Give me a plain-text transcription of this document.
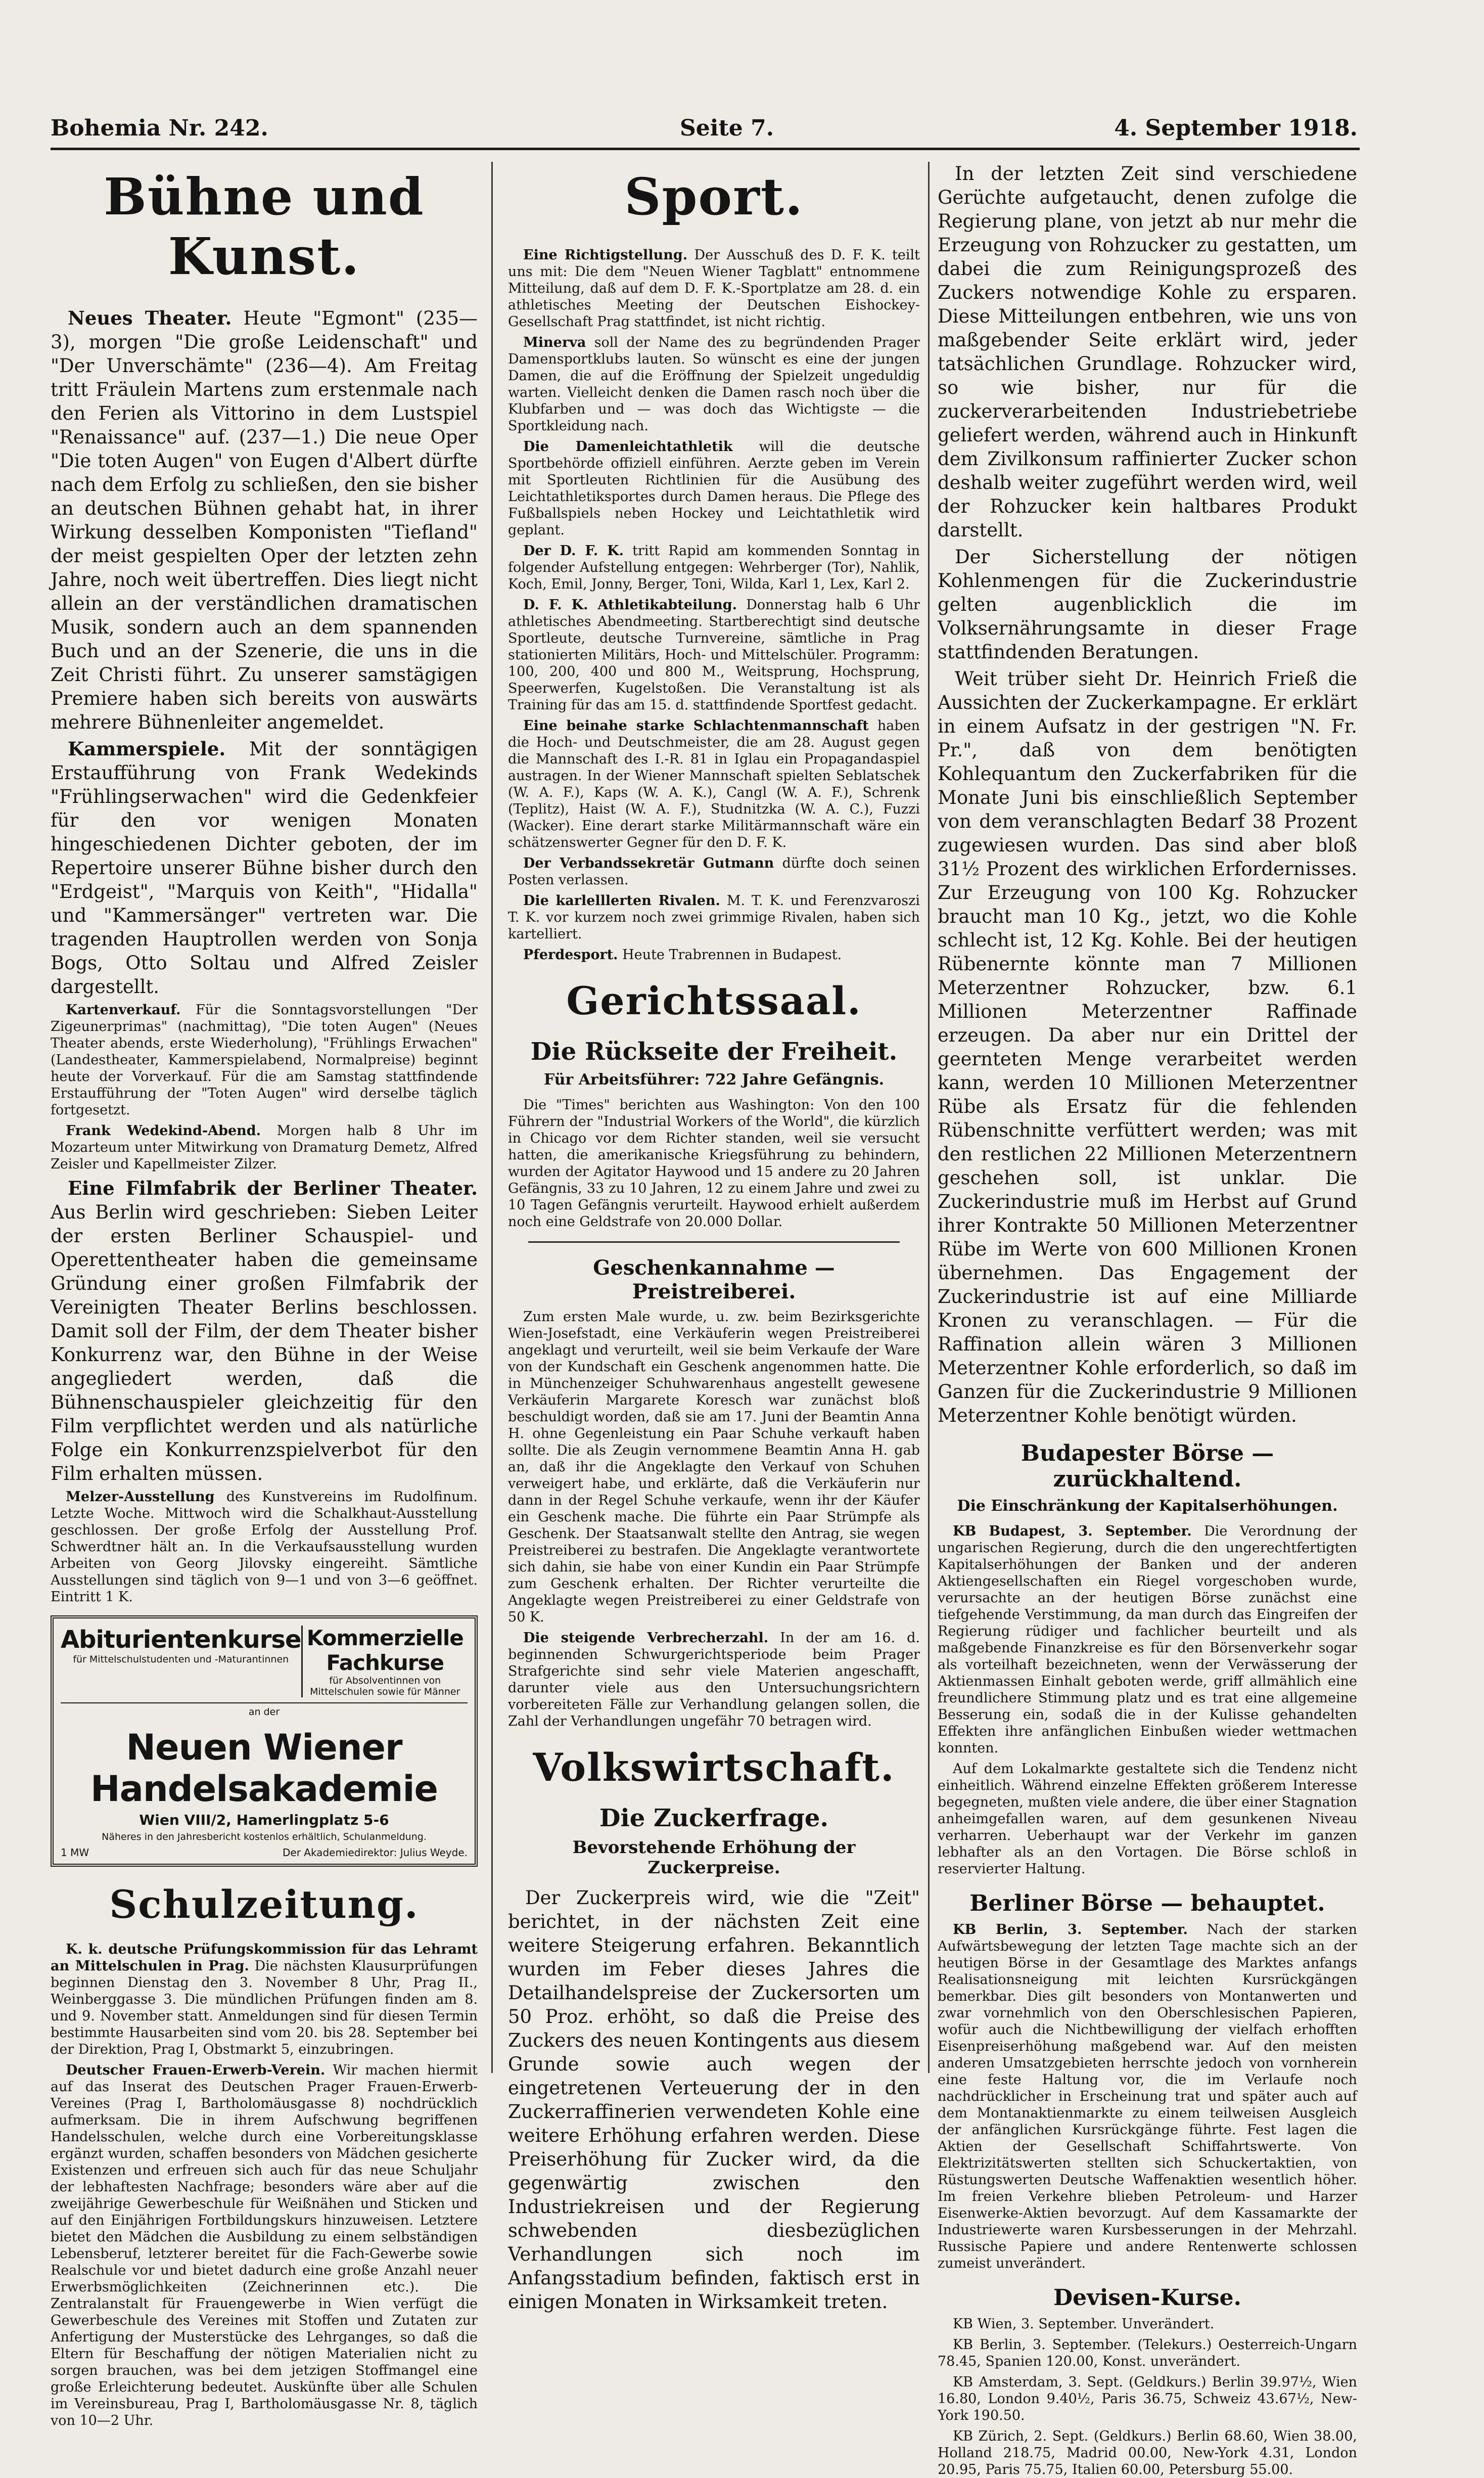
Bohemia Nr. 242.	Seite 7.	4. September 1918.
Bühne und Kunst.

Neues Theater. Heute "Egmont" (235—3), morgen "Die große Leidenschaft" und "Der Unverschämte" (236—4). Am Freitag tritt Fräulein Martens zum erstenmale nach den Ferien als Vittorino in dem Lustspiel "Renaissance" auf. (237—1.) Die neue Oper "Die toten Augen" von Eugen d'Albert dürfte nach dem Erfolg zu schließen, den sie bisher an deutschen Bühnen gehabt hat, in ihrer Wirkung desselben Komponisten "Tiefland" der meist gespielten Oper der letzten zehn Jahre, noch weit übertreffen. Dies liegt nicht allein an der verständlichen dramatischen Musik, sondern auch an dem spannenden Buch und an der Szenerie, die uns in die Zeit Christi führt. Zu unserer samstägigen Premiere haben sich bereits von auswärts mehrere Bühnenleiter angemeldet.

Kammerspiele. Mit der sonntägigen Erstaufführung von Frank Wedekinds "Frühlingserwachen" wird die Gedenkfeier für den vor wenigen Monaten hingeschiedenen Dichter geboten, der im Repertoire unserer Bühne bisher durch den "Erdgeist", "Marquis von Keith", "Hidalla" und "Kammersänger" vertreten war. Die tragenden Hauptrollen werden von Sonja Bogs, Otto Soltau und Alfred Zeisler dargestellt.

Kartenverkauf. Für die Sonntagsvorstellungen "Der Zigeunerprimas" (nachmittag), "Die toten Augen" (Neues Theater abends, erste Wiederholung), "Frühlings Erwachen" (Landestheater, Kammerspielabend, Normalpreise) beginnt heute der Vorverkauf. Für die am Samstag stattfindende Erstaufführung der "Toten Augen" wird derselbe täglich fortgesetzt.

Frank Wedekind-Abend. Morgen halb 8 Uhr im Mozarteum unter Mitwirkung von Dramaturg Demetz, Alfred Zeisler und Kapellmeister Zilzer.

Eine Filmfabrik der Berliner Theater. Aus Berlin wird geschrieben: Sieben Leiter der ersten Berliner Schauspiel- und Operettentheater haben die gemeinsame Gründung einer großen Filmfabrik der Vereinigten Theater Berlins beschlossen. Damit soll der Film, der dem Theater bisher Konkurrenz war, den Bühne in der Weise angegliedert werden, daß die Bühnenschauspieler gleichzeitig für den Film verpflichtet werden und als natürliche Folge ein Konkurrenzspielverbot für den Film erhalten müssen.

Melzer-Ausstellung des Kunstvereins im Rudolfinum. Letzte Woche. Mittwoch wird die Schalkhaut-Ausstellung geschlossen. Der große Erfolg der Ausstellung Prof. Schwerdtner hält an. In die Verkaufsausstellung wurden Arbeiten von Georg Jilovsky eingereiht. Sämtliche Ausstellungen sind täglich von 9—1 und von 3—6 geöffnet. Eintritt 1 K.

Abiturientenkurse
für Mittelschulstudenten und -Maturantinnen
Kommerzielle Fachkurse
für Absolventinnen von Mittelschulen sowie für Männer
an der
Neuen Wiener Handelsakademie
Wien VIII/2, Hamerlingplatz 5-6
Näheres in den Jahresbericht kostenlos erhältlich, Schulanmeldung.
1 MW	Der Akademiedirektor: Julius Weyde.
Schulzeitung.

K. k. deutsche Prüfungskommission für das Lehramt an Mittelschulen in Prag. Die nächsten Klausurprüfungen beginnen Dienstag den 3. November 8 Uhr, Prag II., Weinberggasse 3. Die mündlichen Prüfungen finden am 8. und 9. November statt. Anmeldungen sind für diesen Termin bestimmte Hausarbeiten sind vom 20. bis 28. September bei der Direktion, Prag I, Obstmarkt 5, einzubringen.

Deutscher Frauen-Erwerb-Verein. Wir machen hiermit auf das Inserat des Deutschen Prager Frauen-Erwerb-Vereines (Prag I, Bartholomäusgasse 8) nochdrücklich aufmerksam. Die in ihrem Aufschwung begriffenen Handelsschulen, welche durch eine Vorbereitungsklasse ergänzt wurden, schaffen besonders von Mädchen gesicherte Existenzen und erfreuen sich auch für das neue Schuljahr der lebhaftesten Nachfrage; besonders wäre aber auf die zweijährige Gewerbeschule für Weißnähen und Sticken und auf den Einjährigen Fortbildungskurs hinzuweisen. Letztere bietet den Mädchen die Ausbildung zu einem selbständigen Lebensberuf, letzterer bereitet für die Fach-Gewerbe sowie Realschule vor und bietet dadurch eine große Anzahl neuer Erwerbsmöglichkeiten (Zeichnerinnen etc.). Die Zentralanstalt für Frauengewerbe in Wien verfügt die Gewerbeschule des Vereines mit Stoffen und Zutaten zur Anfertigung der Musterstücke des Lehrganges, so daß die Eltern für Beschaffung der nötigen Materialien nicht zu sorgen brauchen, was bei dem jetzigen Stoffmangel eine große Erleichterung bedeutet. Auskünfte über alle Schulen im Vereinsbureau, Prag I, Bartholomäusgasse Nr. 8, täglich von 10—2 Uhr.

Sport.

Eine Richtigstellung. Der Ausschuß des D. F. K. teilt uns mit: Die dem "Neuen Wiener Tagblatt" entnommene Mitteilung, daß auf dem D. F. K.-Sportplatze am 28. d. ein athletisches Meeting der Deutschen Eishockey-Gesellschaft Prag stattfindet, ist nicht richtig.

Minerva soll der Name des zu begründenden Prager Damensportklubs lauten. So wünscht es eine der jungen Damen, die auf die Eröffnung der Spielzeit ungeduldig warten. Vielleicht denken die Damen rasch noch über die Klubfarben und — was doch das Wichtigste — die Sportkleidung nach.

Die Damenleichtathletik will die deutsche Sportbehörde offiziell einführen. Aerzte geben im Verein mit Sportleuten Richtlinien für die Ausübung des Leichtathletiksportes durch Damen heraus. Die Pflege des Fußballspiels neben Hockey und Leichtathletik wird geplant.

Der D. F. K. tritt Rapid am kommenden Sonntag in folgender Aufstellung entgegen: Wehrberger (Tor), Nahlik, Koch, Emil, Jonny, Berger, Toni, Wilda, Karl 1, Lex, Karl 2.

D. F. K. Athletikabteilung. Donnerstag halb 6 Uhr athletisches Abendmeeting. Startberechtigt sind deutsche Sportleute, deutsche Turnvereine, sämtliche in Prag stationierten Militärs, Hoch- und Mittelschüler. Programm: 100, 200, 400 und 800 M., Weitsprung, Hochsprung, Speerwerfen, Kugelstoßen. Die Veranstaltung ist als Training für das am 15. d. stattfindende Sportfest gedacht.

Eine beinahe starke Schlachtenmannschaft haben die Hoch- und Deutschmeister, die am 28. August gegen die Mannschaft des I.-R. 81 in Iglau ein Propagandaspiel austragen. In der Wiener Mannschaft spielten Seblatschek (W. A. F.), Kaps (W. A. K.), Cangl (W. A. F.), Schrenk (Teplitz), Haist (W. A. F.), Studnitzka (W. A. C.), Fuzzi (Wacker). Eine derart starke Militärmannschaft wäre ein schätzenswerter Gegner für den D. F. K.

Der Verbandssekretär Gutmann dürfte doch seinen Posten verlassen.

Die karlelllerten Rivalen. M. T. K. und Ferenzvaroszi T. K. vor kurzem noch zwei grimmige Rivalen, haben sich kartelliert.

Pferdesport. Heute Trabrennen in Budapest.

Gerichtssaal.
Die Rückseite der Freiheit.
Für Arbeitsführer: 722 Jahre Gefängnis.

Die "Times" berichten aus Washington: Von den 100 Führern der "Industrial Workers of the World", die kürzlich in Chicago vor dem Richter standen, weil sie versucht hatten, die amerikanische Kriegsführung zu behindern, wurden der Agitator Haywood und 15 andere zu 20 Jahren Gefängnis, 33 zu 10 Jahren, 12 zu einem Jahre und zwei zu 10 Tagen Gefängnis verurteilt. Haywood erhielt außerdem noch eine Geldstrafe von 20.000 Dollar.

Geschenkannahme — Preistreiberei.

Zum ersten Male wurde, u. zw. beim Bezirksgerichte Wien-Josefstadt, eine Verkäuferin wegen Preistreiberei angeklagt und verurteilt, weil sie beim Verkaufe der Ware von der Kundschaft ein Geschenk angenommen hatte. Die in Münchenzeiger Schuhwarenhaus angestellt gewesene Verkäuferin Margarete Koresch war zunächst bloß beschuldigt worden, daß sie am 17. Juni der Beamtin Anna H. ohne Gegenleistung ein Paar Schuhe verkauft haben sollte. Die als Zeugin vernommene Beamtin Anna H. gab an, daß ihr die Angeklagte den Verkauf von Schuhen verweigert habe, und erklärte, daß die Verkäuferin nur dann in der Regel Schuhe verkaufe, wenn ihr der Käufer ein Geschenk mache. Die führte ein Paar Strümpfe als Geschenk. Der Staatsanwalt stellte den Antrag, sie wegen Preistreiberei zu bestrafen. Die Angeklagte verantwortete sich dahin, sie habe von einer Kundin ein Paar Strümpfe zum Geschenk erhalten. Der Richter verurteilte die Angeklagte wegen Preistreiberei zu einer Geldstrafe von 50 K.

Die steigende Verbrecherzahl. In der am 16. d. beginnenden Schwurgerichtsperiode beim Prager Strafgerichte sind sehr viele Materien angeschafft, darunter viele aus den Untersuchungsrichtern vorbereiteten Fälle zur Verhandlung gelangen sollen, die Zahl der Verhandlungen ungefähr 70 betragen wird.

Volkswirtschaft.
Die Zuckerfrage.
Bevorstehende Erhöhung der Zuckerpreise.

Der Zuckerpreis wird, wie die "Zeit" berichtet, in der nächsten Zeit eine weitere Steigerung erfahren. Bekanntlich wurden im Feber dieses Jahres die Detailhandelspreise der Zuckersorten um 50 Proz. erhöht, so daß die Preise des Zuckers des neuen Kontingents aus diesem Grunde sowie auch wegen der eingetretenen Verteuerung der in den Zuckerraffinerien verwendeten Kohle eine weitere Erhöhung erfahren werden. Diese Preiserhöhung für Zucker wird, da die gegenwärtig zwischen den Industriekreisen und der Regierung schwebenden diesbezüglichen Verhandlungen sich noch im Anfangsstadium befinden, faktisch erst in einigen Monaten in Wirksamkeit treten.

In der letzten Zeit sind verschiedene Gerüchte aufgetaucht, denen zufolge die Regierung plane, von jetzt ab nur mehr die Erzeugung von Rohzucker zu gestatten, um dabei die zum Reinigungsprozeß des Zuckers notwendige Kohle zu ersparen. Diese Mitteilungen entbehren, wie uns von maßgebender Seite erklärt wird, jeder tatsächlichen Grundlage. Rohzucker wird, so wie bisher, nur für die zuckerverarbeitenden Industriebetriebe geliefert werden, während auch in Hinkunft dem Zivilkonsum raffinierter Zucker schon deshalb weiter zugeführt werden wird, weil der Rohzucker kein haltbares Produkt darstellt.

Der Sicherstellung der nötigen Kohlenmengen für die Zuckerindustrie gelten augenblicklich die im Volksernährungsamte in dieser Frage stattfindenden Beratungen.

Weit trüber sieht Dr. Heinrich Frieß die Aussichten der Zuckerkampagne. Er erklärt in einem Aufsatz in der gestrigen "N. Fr. Pr.", daß von dem benötigten Kohlequantum den Zuckerfabriken für die Monate Juni bis einschließlich September von dem veranschlagten Bedarf 38 Prozent zugewiesen wurden. Das sind aber bloß 31½ Prozent des wirklichen Erfordernisses. Zur Erzeugung von 100 Kg. Rohzucker braucht man 10 Kg., jetzt, wo die Kohle schlecht ist, 12 Kg. Kohle. Bei der heutigen Rübenernte könnte man 7 Millionen Meterzentner Rohzucker, bzw. 6.1 Millionen Meterzentner Raffinade erzeugen. Da aber nur ein Drittel der geernteten Menge verarbeitet werden kann, werden 10 Millionen Meterzentner Rübe als Ersatz für die fehlenden Rübenschnitte verfüttert werden; was mit den restlichen 22 Millionen Meterzentnern geschehen soll, ist unklar. Die Zuckerindustrie muß im Herbst auf Grund ihrer Kontrakte 50 Millionen Meterzentner Rübe im Werte von 600 Millionen Kronen übernehmen. Das Engagement der Zuckerindustrie ist auf eine Milliarde Kronen zu veranschlagen. — Für die Raffination allein wären 3 Millionen Meterzentner Kohle erforderlich, so daß im Ganzen für die Zuckerindustrie 9 Millionen Meterzentner Kohle benötigt würden.

Budapester Börse — zurückhaltend.
Die Einschränkung der Kapitalserhöhungen.

KB Budapest, 3. September. Die Verordnung der ungarischen Regierung, durch die den ungerechtfertigten Kapitalserhöhungen der Banken und der anderen Aktiengesellschaften ein Riegel vorgeschoben wurde, verursachte an der heutigen Börse zunächst eine tiefgehende Verstimmung, da man durch das Eingreifen der Regierung rüdiger und fachlicher beurteilt und als maßgebende Finanzkreise es für den Börsenverkehr sogar als vorteilhaft bezeichneten, wenn der Verwässerung der Aktienmassen Einhalt geboten werde, griff allmählich eine freundlichere Stimmung platz und es trat eine allgemeine Besserung ein, sodaß die in der Kulisse gehandelten Effekten ihre anfänglichen Einbußen wieder wettmachen konnten.

Auf dem Lokalmarkte gestaltete sich die Tendenz nicht einheitlich. Während einzelne Effekten größerem Interesse begegneten, mußten viele andere, die über einer Stagnation anheimgefallen waren, auf dem gesunkenen Niveau verharren. Ueberhaupt war der Verkehr im ganzen lebhafter als an den Vortagen. Die Börse schloß in reservierter Haltung.

Berliner Börse — behauptet.

KB Berlin, 3. September. Nach der starken Aufwärtsbewegung der letzten Tage machte sich an der heutigen Börse in der Gesamtlage des Marktes anfangs Realisationsneigung mit leichten Kursrückgängen bemerkbar. Dies gilt besonders von Montanwerten und zwar vornehmlich von den Oberschlesischen Papieren, wofür auch die Nichtbewilligung der vielfach erhofften Eisenpreiserhöhung maßgebend war. Auf den meisten anderen Umsatzgebieten herrschte jedoch von vornherein eine feste Haltung vor, die im Verlaufe noch nachdrücklicher in Erscheinung trat und später auch auf dem Montanaktienmarkte zu einem teilweisen Ausgleich der anfänglichen Kursrückgänge führte. Fest lagen die Aktien der Gesellschaft Schiffahrtswerte. Von Elektrizitätswerten stellten sich Schuckertaktien, von Rüstungswerten Deutsche Waffenaktien wesentlich höher. Im freien Verkehre blieben Petroleum- und Harzer Eisenwerke-Aktien bevorzugt. Auf dem Kassamarkte der Industriewerte waren Kursbesserungen in der Mehrzahl. Russische Papiere und andere Rentenwerte schlossen zumeist unverändert.

Devisen-Kurse.

KB Wien, 3. September. Unverändert.

KB Berlin, 3. September. (Telekurs.) Oesterreich-Ungarn 78.45, Spanien 120.00, Konst. unverändert.

KB Amsterdam, 3. Sept. (Geldkurs.) Berlin 39.97½, Wien 16.80, London 9.40½, Paris 36.75, Schweiz 43.67½, New-York 190.50.

KB Zürich, 2. Sept. (Geldkurs.) Berlin 68.60, Wien 38.00, Holland 218.75, Madrid 00.00, New-York 4.31, London 20.95, Paris 75.75, Italien 60.00, Petersburg 55.00.
